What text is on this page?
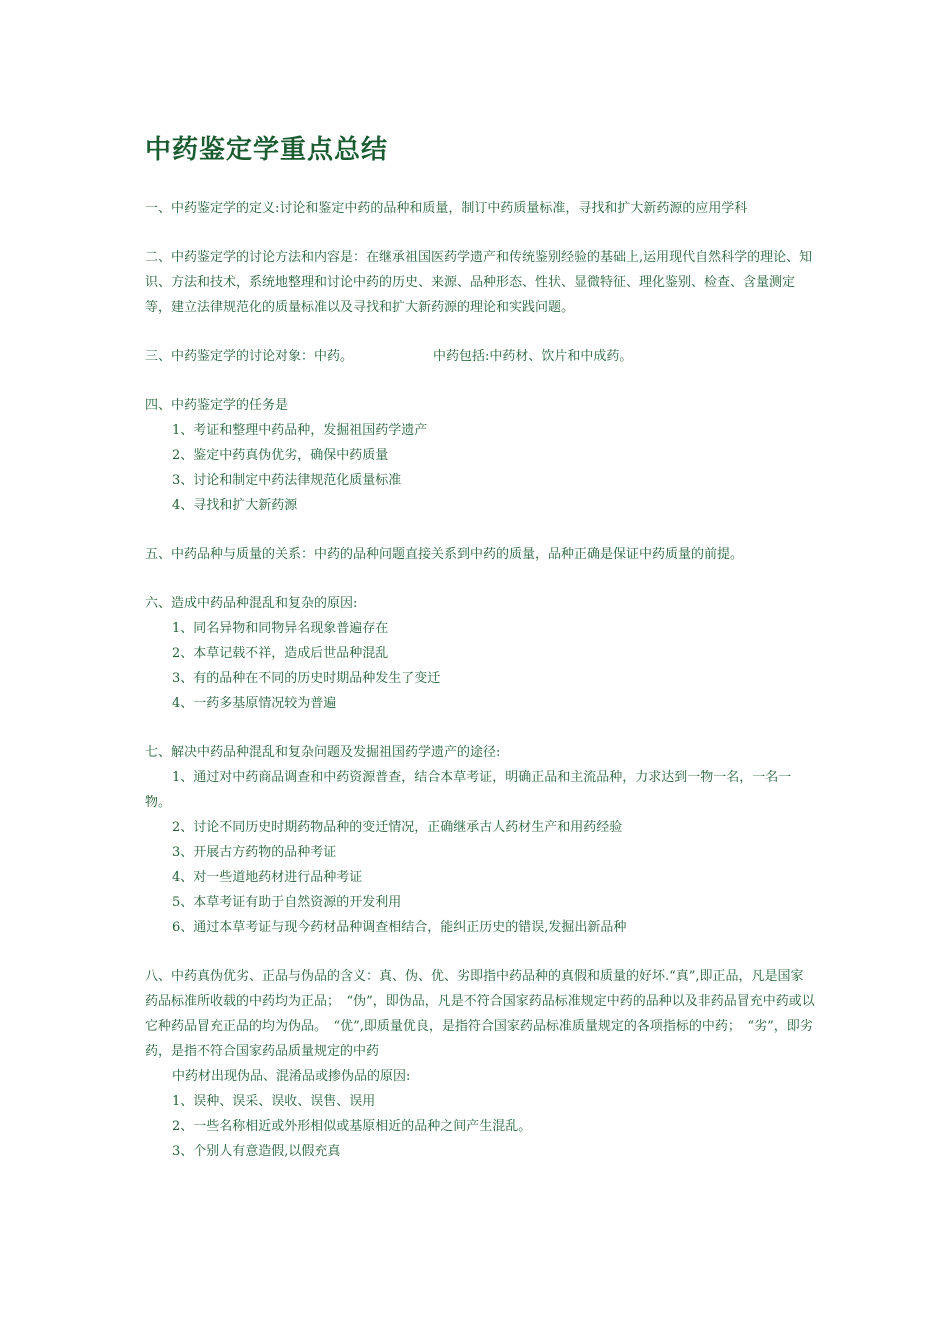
中药鉴定学重点总结

一、中药鉴定学的定义:讨论和鉴定中药的品种和质量，制订中药质量标准，寻找和扩大新药源的应用学科

二、中药鉴定学的讨论方法和内容是：在继承祖国医药学遗产和传统鉴别经验的基础上,运用现代自然科学的理论、知识、方法和技术，系统地整理和讨论中药的历史、来源、品种形态、性状、显微特征、理化鉴别、检查、含量测定等，建立法律规范化的质量标准以及寻找和扩大新药源的理论和实践问题。

三、中药鉴定学的讨论对象：中药。	中药包括:中药材、饮片和中成药。

四、中药鉴定学的任务是

1、考证和整理中药品种，发掘祖国药学遗产

2、鉴定中药真伪优劣，确保中药质量

3、讨论和制定中药法律规范化质量标准

4、寻找和扩大新药源

五、中药品种与质量的关系：中药的品种问题直接关系到中药的质量，品种正确是保证中药质量的前提。

六、造成中药品种混乱和复杂的原因:

1、同名异物和同物异名现象普遍存在

2、本草记载不祥，造成后世品种混乱

3、有的品种在不同的历史时期品种发生了变迁

4、一药多基原情况较为普遍

七、解决中药品种混乱和复杂问题及发掘祖国药学遗产的途径:

1、通过对中药商品调查和中药资源普查，结合本草考证，明确正品和主流品种，力求达到一物一名，一名一物。

2、讨论不同历史时期药物品种的变迁情况，正确继承古人药材生产和用药经验

3、开展古方药物的品种考证

4、对一些道地药材进行品种考证

5、本草考证有助于自然资源的开发利用

6、通过本草考证与现今药材品种调查相结合，能纠正历史的错误,发掘出新品种

八、中药真伪优劣、正品与伪品的含义：真、伪、优、劣即指中药品种的真假和质量的好坏.“真”,即正品，凡是国家药品标准所收载的中药均为正品；　“伪”，即伪品，凡是不符合国家药品标准规定中药的品种以及非药品冒充中药或以它种药品冒充正品的均为伪品。　“优”,即质量优良，是指符合国家药品标准质量规定的各项指标的中药；　“劣”，即劣药，是指不符合国家药品质量规定的中药

中药材出现伪品、混淆品或掺伪品的原因:

1、误种、误采、误收、误售、误用

2、一些名称相近或外形相似或基原相近的品种之间产生混乱。

3、个别人有意造假,以假充真
